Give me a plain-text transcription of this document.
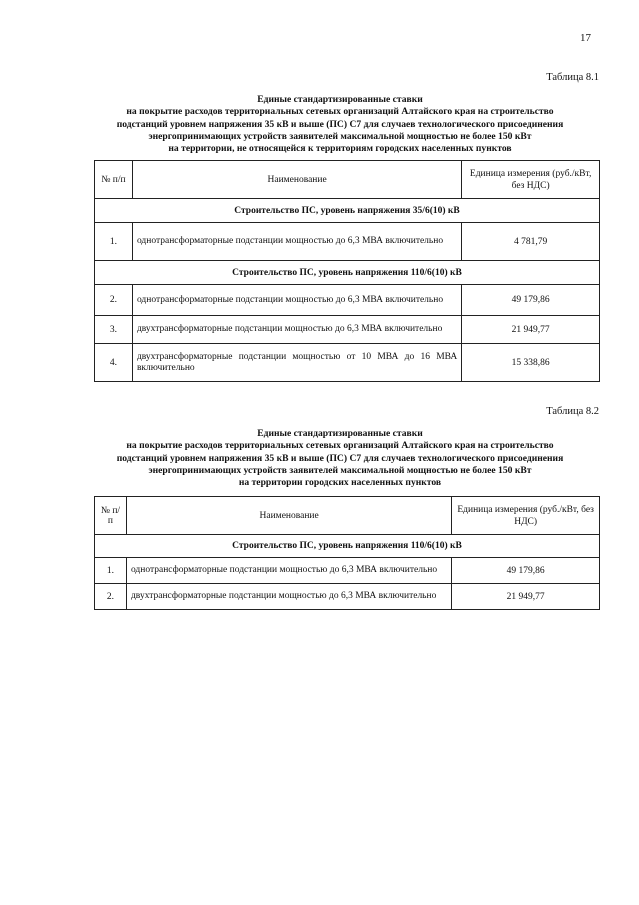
17
Таблица 8.1
Единые стандартизированные ставки
на покрытие расходов территориальных сетевых организаций Алтайского края на строительство
подстанций уровнем напряжения 35 кВ и выше (ПС) С7 для случаев технологического присоединения
энергопринимающих устройств заявителей максимальной мощностью не более 150 кВт
на территории, не относящейся к территориям городских населенных пунктов
№ п/п	Наименование	Единица измерения (руб./кВт, без НДС)
Строительство ПС, уровень напряжения 35/6(10) кВ		
1.	однотрансформаторные подстанции мощностью до 6,3 МВА включительно	4 781,79
Строительство ПС, уровень напряжения 110/6(10) кВ		
2.	однотрансформаторные подстанции мощностью до 6,3 МВА включительно	49 179,86
3.	двухтрансформаторные подстанции мощностью до 6,3 МВА включительно	21 949,77
4.	двухтрансформаторные подстанции мощностью от 10 МВА до 16 МВА включительно	15 338,86
Таблица 8.2
Единые стандартизированные ставки
на покрытие расходов территориальных сетевых организаций Алтайского края на строительство
подстанций уровнем напряжения 35 кВ и выше (ПС) С7 для случаев технологического присоединения
энергопринимающих устройств заявителей максимальной мощностью не более 150 кВт
на территории городских населенных пунктов
№ п/п	Наименование	Единица измерения (руб./кВт, без НДС)
Строительство ПС, уровень напряжения 110/6(10) кВ		
1.	однотрансформаторные подстанции мощностью до 6,3 МВА включительно	49 179,86
2.	двухтрансформаторные подстанции мощностью до 6,3 МВА включительно	21 949,77
